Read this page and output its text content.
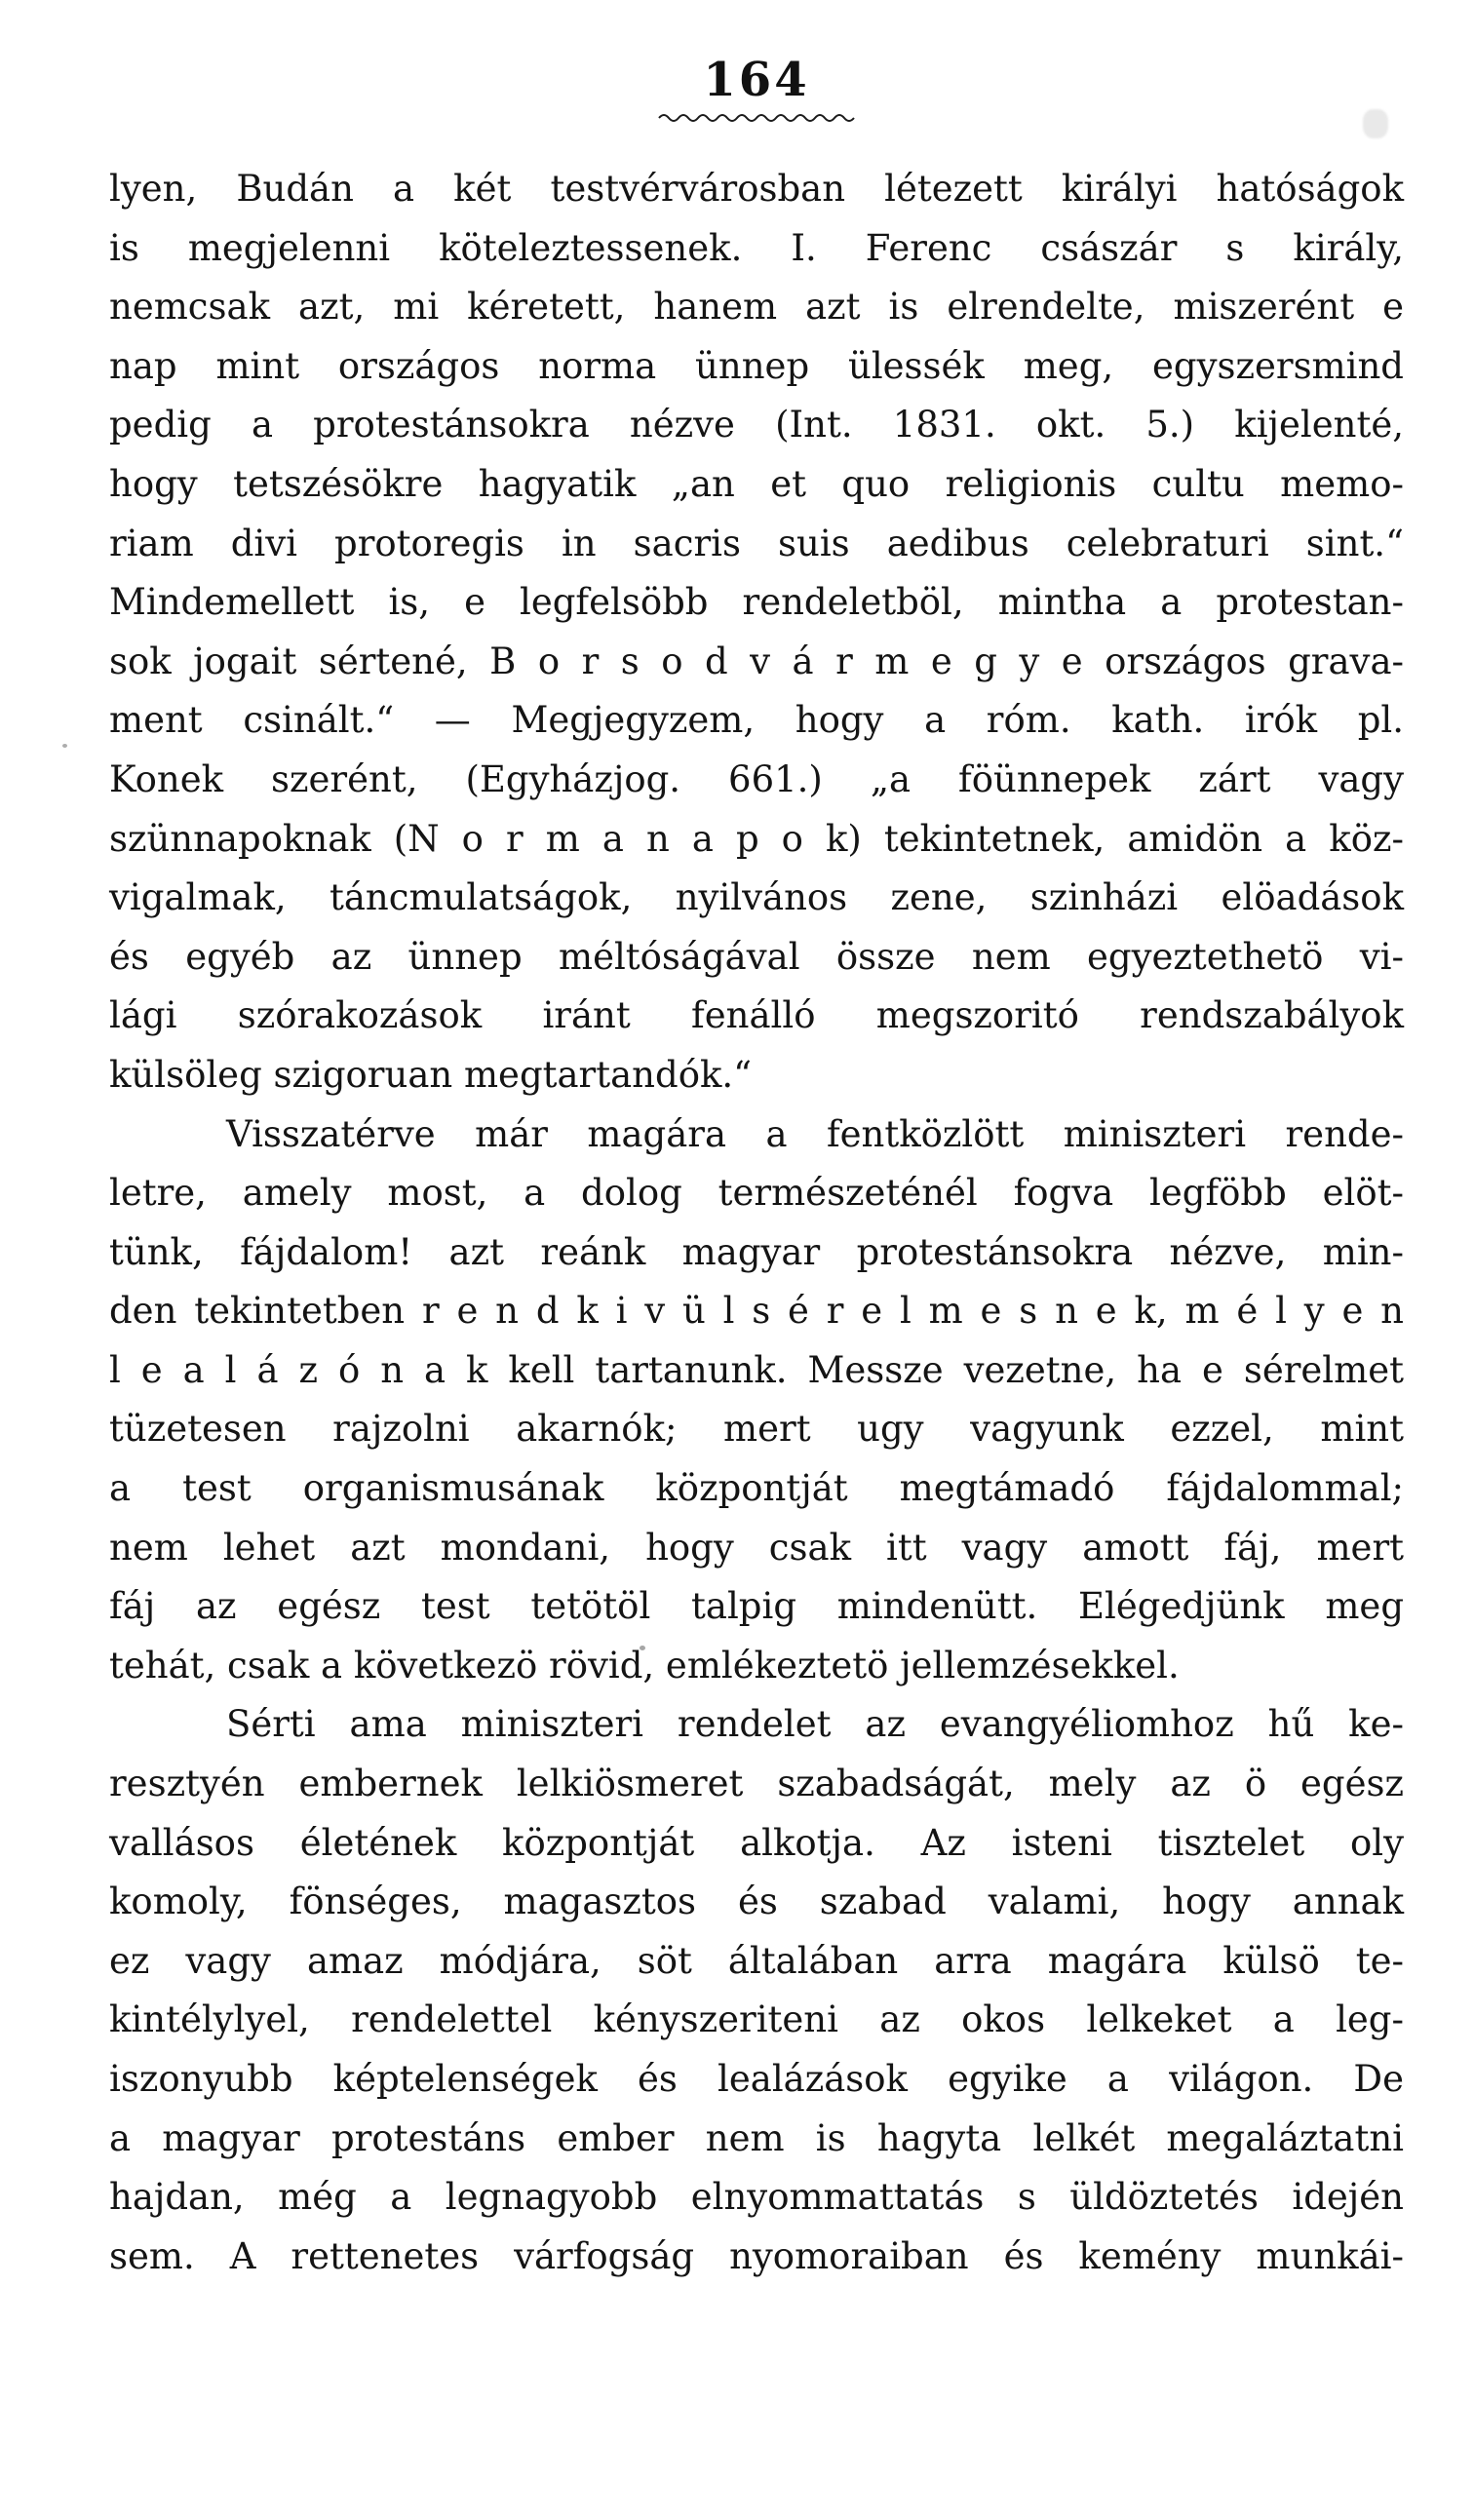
164
lyen, Budán a két testvérvárosban létezett királyi hatóságok
is megjelenni köteleztessenek. I. Ferenc császár s király,
nemcsak azt, mi kéretett, hanem azt is elrendelte, miszerént e
nap mint országos norma ünnep ülessék meg, egyszersmind
pedig a protestánsokra nézve (Int. 1831. okt. 5.) kijelenté,
hogy tetszésökre hagyatik „an et quo religionis cultu memo-
riam divi protoregis in sacris suis aedibus celebraturi sint.“
Mindemellett is, e legfelsöbb rendeletböl, mintha a protestan-
sok jogait sértené, B o r s o d v á r m e g y e országos grava-
ment csinált.“ — Megjegyzem, hogy a róm. kath. irók pl.
Konek szerént, (Egyházjog. 661.) „a föünnepek zárt vagy
szünnapoknak (N o r m a n a p o k) tekintetnek, amidön a köz-
vigalmak, táncmulatságok, nyilvános zene, szinházi elöadások
és egyéb az ünnep méltóságával össze nem egyeztethetö vi-
lági szórakozások iránt fenálló megszoritó rendszabályok
külsöleg szigoruan megtartandók.“
Visszatérve már magára a fentközlött miniszteri rende-
letre, amely most, a dolog természeténél fogva legföbb elöt-
tünk, fájdalom! azt reánk magyar protestánsokra nézve, min-
den tekintetben r e n d k i v ü l s é r e l m e s n e k, m é l y e n
l e a l á z ó n a k kell tartanunk. Messze vezetne, ha e sérelmet
tüzetesen rajzolni akarnók; mert ugy vagyunk ezzel, mint
a test organismusának központját megtámadó fájdalommal;
nem lehet azt mondani, hogy csak itt vagy amott fáj, mert
fáj az egész test tetötöl talpig mindenütt. Elégedjünk meg
tehát, csak a következö rövid, emlékeztetö jellemzésekkel.
Sérti ama miniszteri rendelet az evangyéliomhoz hű ke-
resztyén embernek lelkiösmeret szabadságát, mely az ö egész
vallásos életének központját alkotja. Az isteni tisztelet oly
komoly, fönséges, magasztos és szabad valami, hogy annak
ez vagy amaz módjára, söt általában arra magára külsö te-
kintélylyel, rendelettel kényszeriteni az okos lelkeket a leg-
iszonyubb képtelenségek és lealázások egyike a világon. De
a magyar protestáns ember nem is hagyta lelkét megaláztatni
hajdan, még a legnagyobb elnyommattatás s üldöztetés idején
sem. A rettenetes várfogság nyomoraiban és kemény munkái-
